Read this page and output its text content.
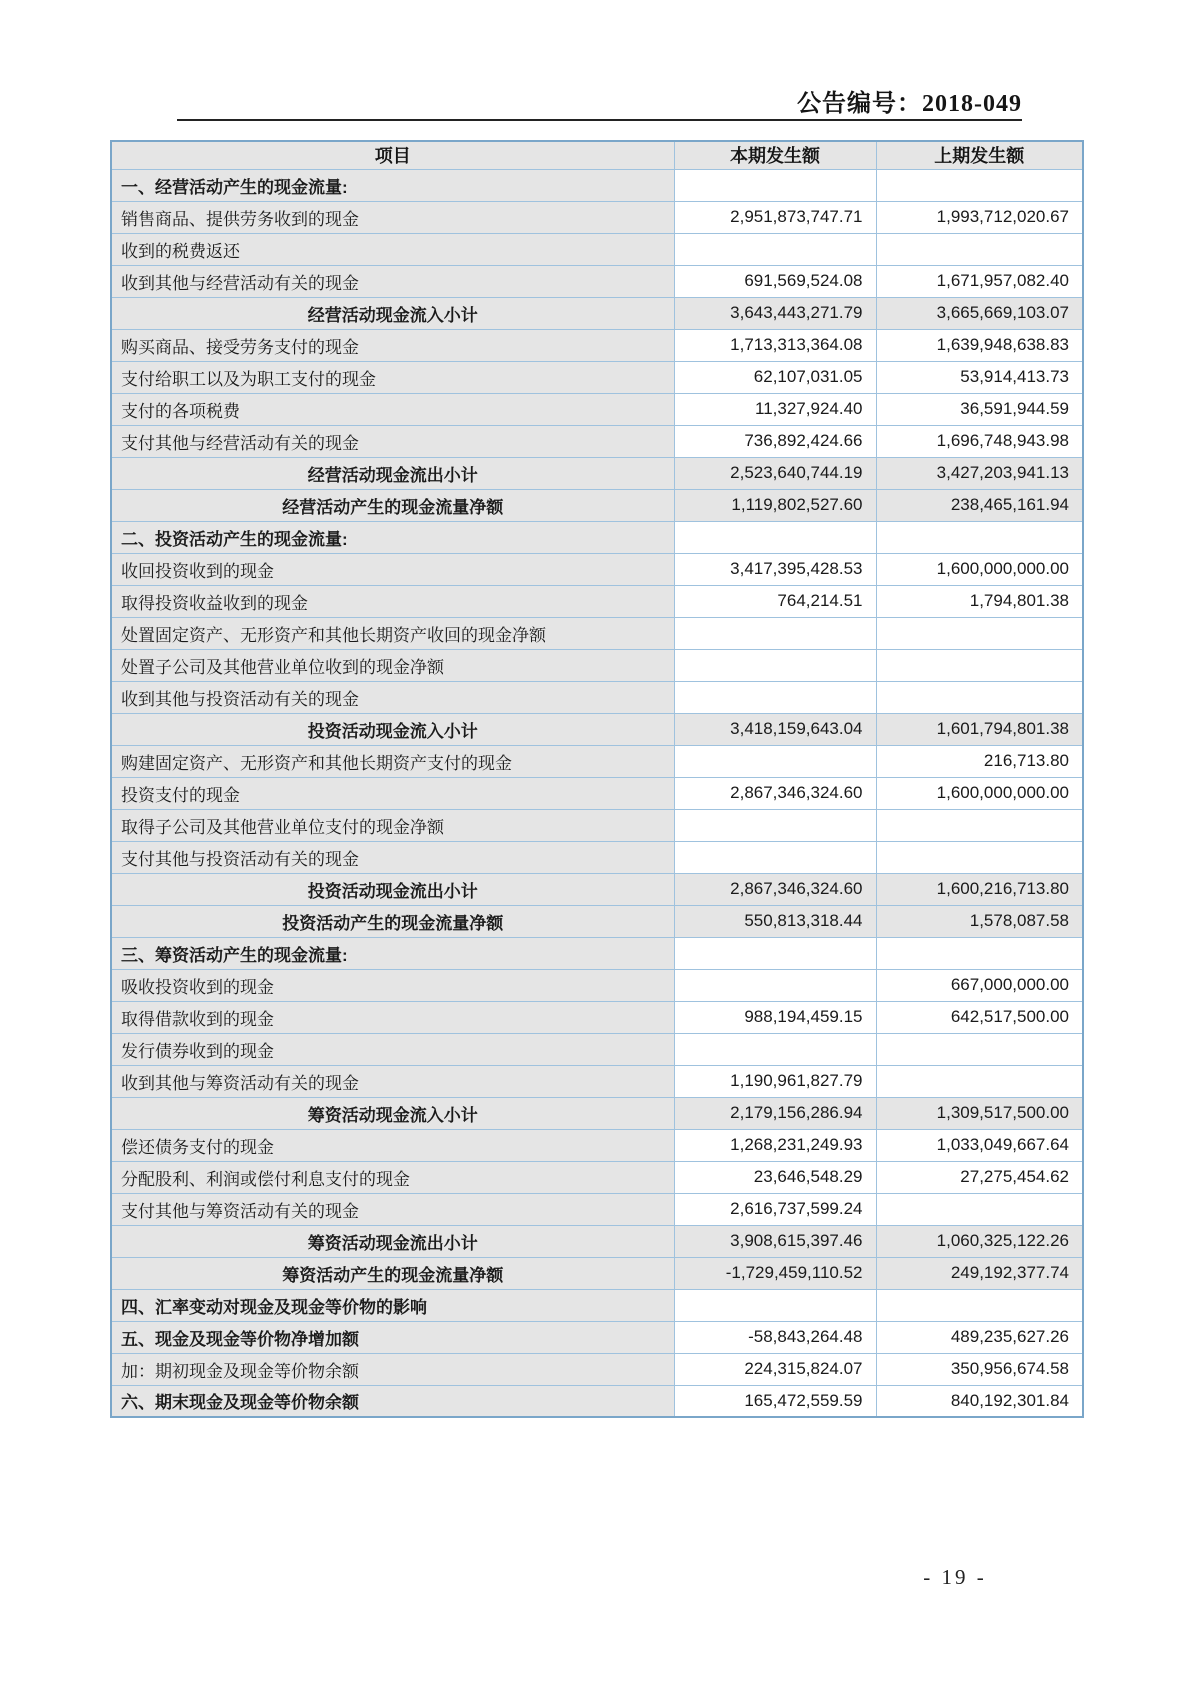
公告编号：2018-049
项目	本期发生额	上期发生额
一、经营活动产生的现金流量:		
销售商品、提供劳务收到的现金	2,951,873,747.71	1,993,712,020.67
收到的税费返还		
收到其他与经营活动有关的现金	691,569,524.08	1,671,957,082.40
经营活动现金流入小计	3,643,443,271.79	3,665,669,103.07
购买商品、接受劳务支付的现金	1,713,313,364.08	1,639,948,638.83
支付给职工以及为职工支付的现金	62,107,031.05	53,914,413.73
支付的各项税费	11,327,924.40	36,591,944.59
支付其他与经营活动有关的现金	736,892,424.66	1,696,748,943.98
经营活动现金流出小计	2,523,640,744.19	3,427,203,941.13
经营活动产生的现金流量净额	1,119,802,527.60	238,465,161.94
二、投资活动产生的现金流量:		
收回投资收到的现金	3,417,395,428.53	1,600,000,000.00
取得投资收益收到的现金	764,214.51	1,794,801.38
处置固定资产、无形资产和其他长期资产收回的现金净额		
处置子公司及其他营业单位收到的现金净额		
收到其他与投资活动有关的现金		
投资活动现金流入小计	3,418,159,643.04	1,601,794,801.38
购建固定资产、无形资产和其他长期资产支付的现金		216,713.80
投资支付的现金	2,867,346,324.60	1,600,000,000.00
取得子公司及其他营业单位支付的现金净额		
支付其他与投资活动有关的现金		
投资活动现金流出小计	2,867,346,324.60	1,600,216,713.80
投资活动产生的现金流量净额	550,813,318.44	1,578,087.58
三、筹资活动产生的现金流量:		
吸收投资收到的现金		667,000,000.00
取得借款收到的现金	988,194,459.15	642,517,500.00
发行债券收到的现金		
收到其他与筹资活动有关的现金	1,190,961,827.79	
筹资活动现金流入小计	2,179,156,286.94	1,309,517,500.00
偿还债务支付的现金	1,268,231,249.93	1,033,049,667.64
分配股利、利润或偿付利息支付的现金	23,646,548.29	27,275,454.62
支付其他与筹资活动有关的现金	2,616,737,599.24	
筹资活动现金流出小计	3,908,615,397.46	1,060,325,122.26
筹资活动产生的现金流量净额	-1,729,459,110.52	249,192,377.74
四、汇率变动对现金及现金等价物的影响		
五、现金及现金等价物净增加额	-58,843,264.48	489,235,627.26
加：期初现金及现金等价物余额	224,315,824.07	350,956,674.58
六、期末现金及现金等价物余额	165,472,559.59	840,192,301.84
- 19 -
